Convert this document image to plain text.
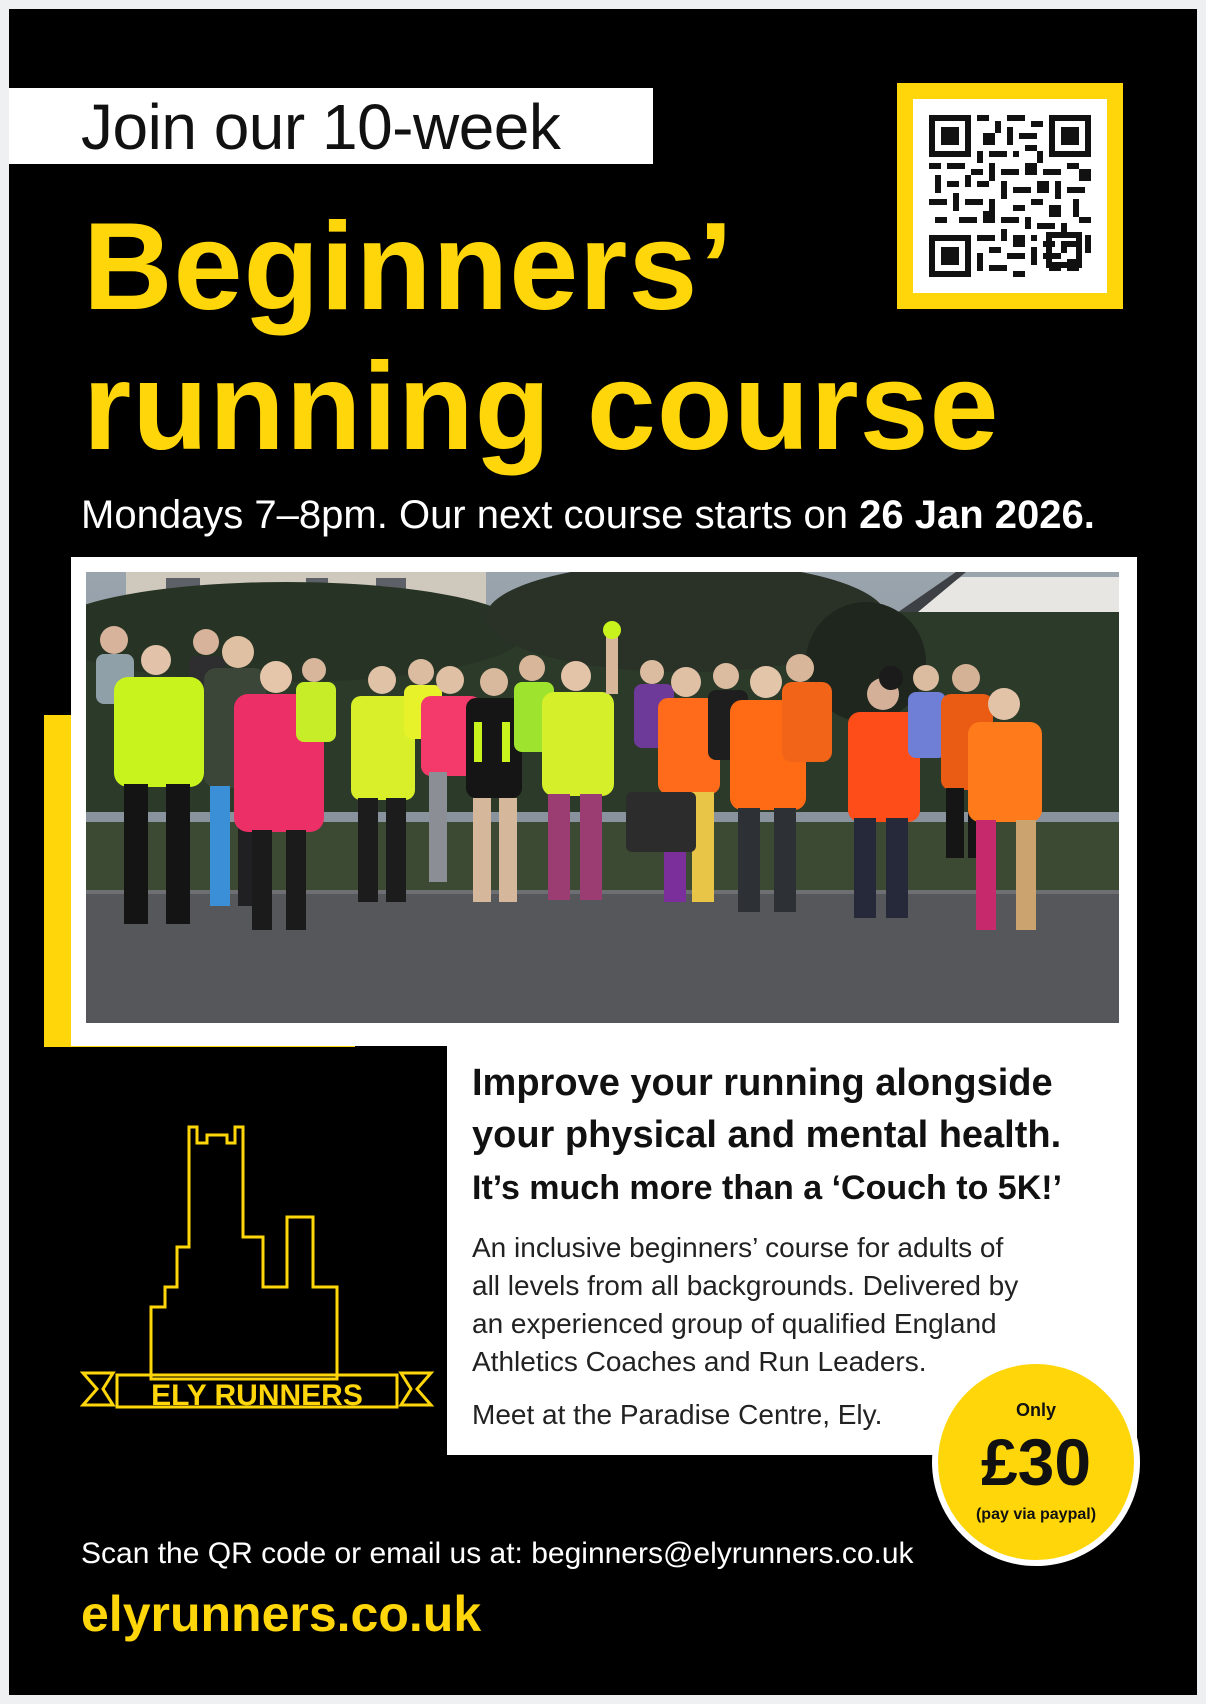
Join our 10-week
Beginners’
running course
Mondays 7–8pm. Our next course starts on 26 Jan 2026.
Improve your running alongside
your physical and mental health.
It’s much more than a ‘Couch to 5K!’
An inclusive beginners’ course for adults of
all levels from all backgrounds. Delivered by
an experienced group of qualified England
Athletics Coaches and Run Leaders.
Meet at the Paradise Centre, Ely.	Only
£30
(pay via paypal)
ELY RUNNERS
Scan the QR code or email us at: beginners@elyrunners.co.uk
elyrunners.co.uk
